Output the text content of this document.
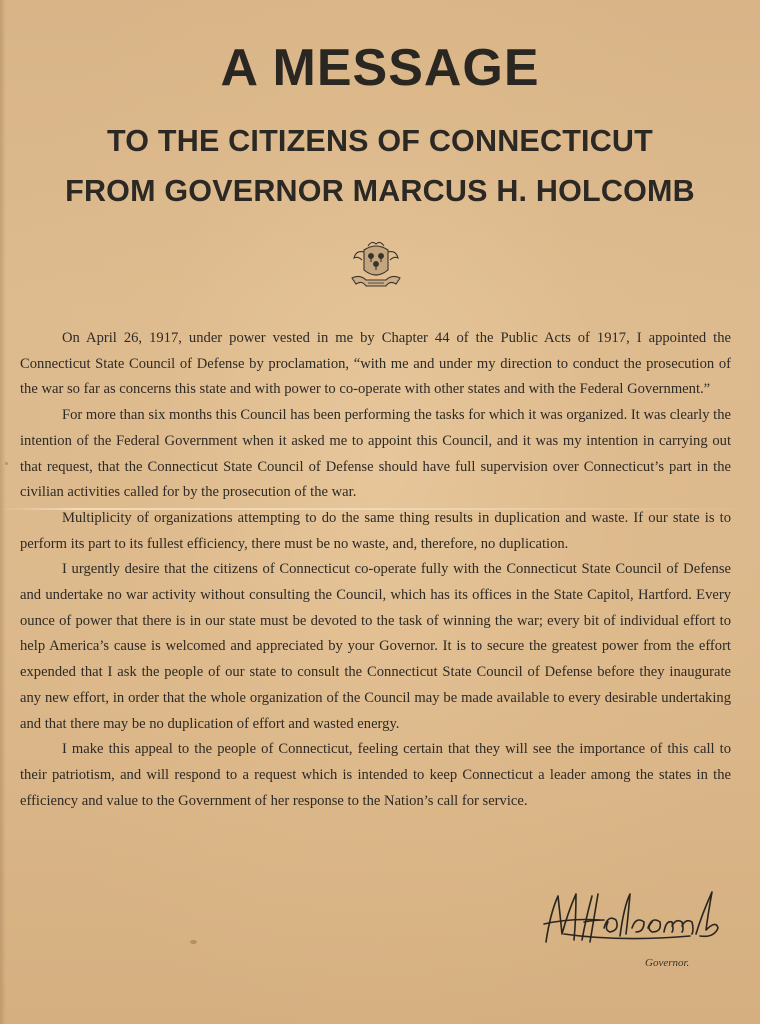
A MESSAGE
TO THE CITIZENS OF CONNECTICUT
FROM GOVERNOR MARCUS H. HOLCOMB

On April 26, 1917, under power vested in me by Chapter 44 of the Public Acts of 1917, I appointed the Connecticut State Council of Defense by proclamation, “with me and under my direction to conduct the prosecution of the war so far as concerns this state and with power to co-operate with other states and with the Federal Government.”

For more than six months this Council has been performing the tasks for which it was organized. It was clearly the intention of the Federal Government when it asked me to appoint this Council, and it was my intention in carrying out that request, that the Connecticut State Council of Defense should have full supervision over Connecticut’s part in the civilian activities called for by the prosecution of the war.

Multiplicity of organizations attempting to do the same thing results in duplication and waste. If our state is to perform its part to its fullest efficiency, there must be no waste, and, therefore, no duplication.

I urgently desire that the citizens of Connecticut co-operate fully with the Connecticut State Council of Defense and undertake no war activity without consulting the Council, which has its offices in the State Capitol, Hartford. Every ounce of power that there is in our state must be devoted to the task of winning the war; every bit of individual effort to help America’s cause is welcomed and appreciated by your Governor. It is to secure the greatest power from the effort expended that I ask the people of our state to consult the Connecticut State Council of Defense before they inaugurate any new effort, in order that the whole organization of the Council may be made available to every desirable undertaking and that there may be no duplication of effort and wasted energy.

I make this appeal to the people of Connecticut, feeling certain that they will see the importance of this call to their patriotism, and will respond to a request which is intended to keep Connecticut a leader among the states in the efficiency and value to the Government of her response to the Nation’s call for service.

Governor.
